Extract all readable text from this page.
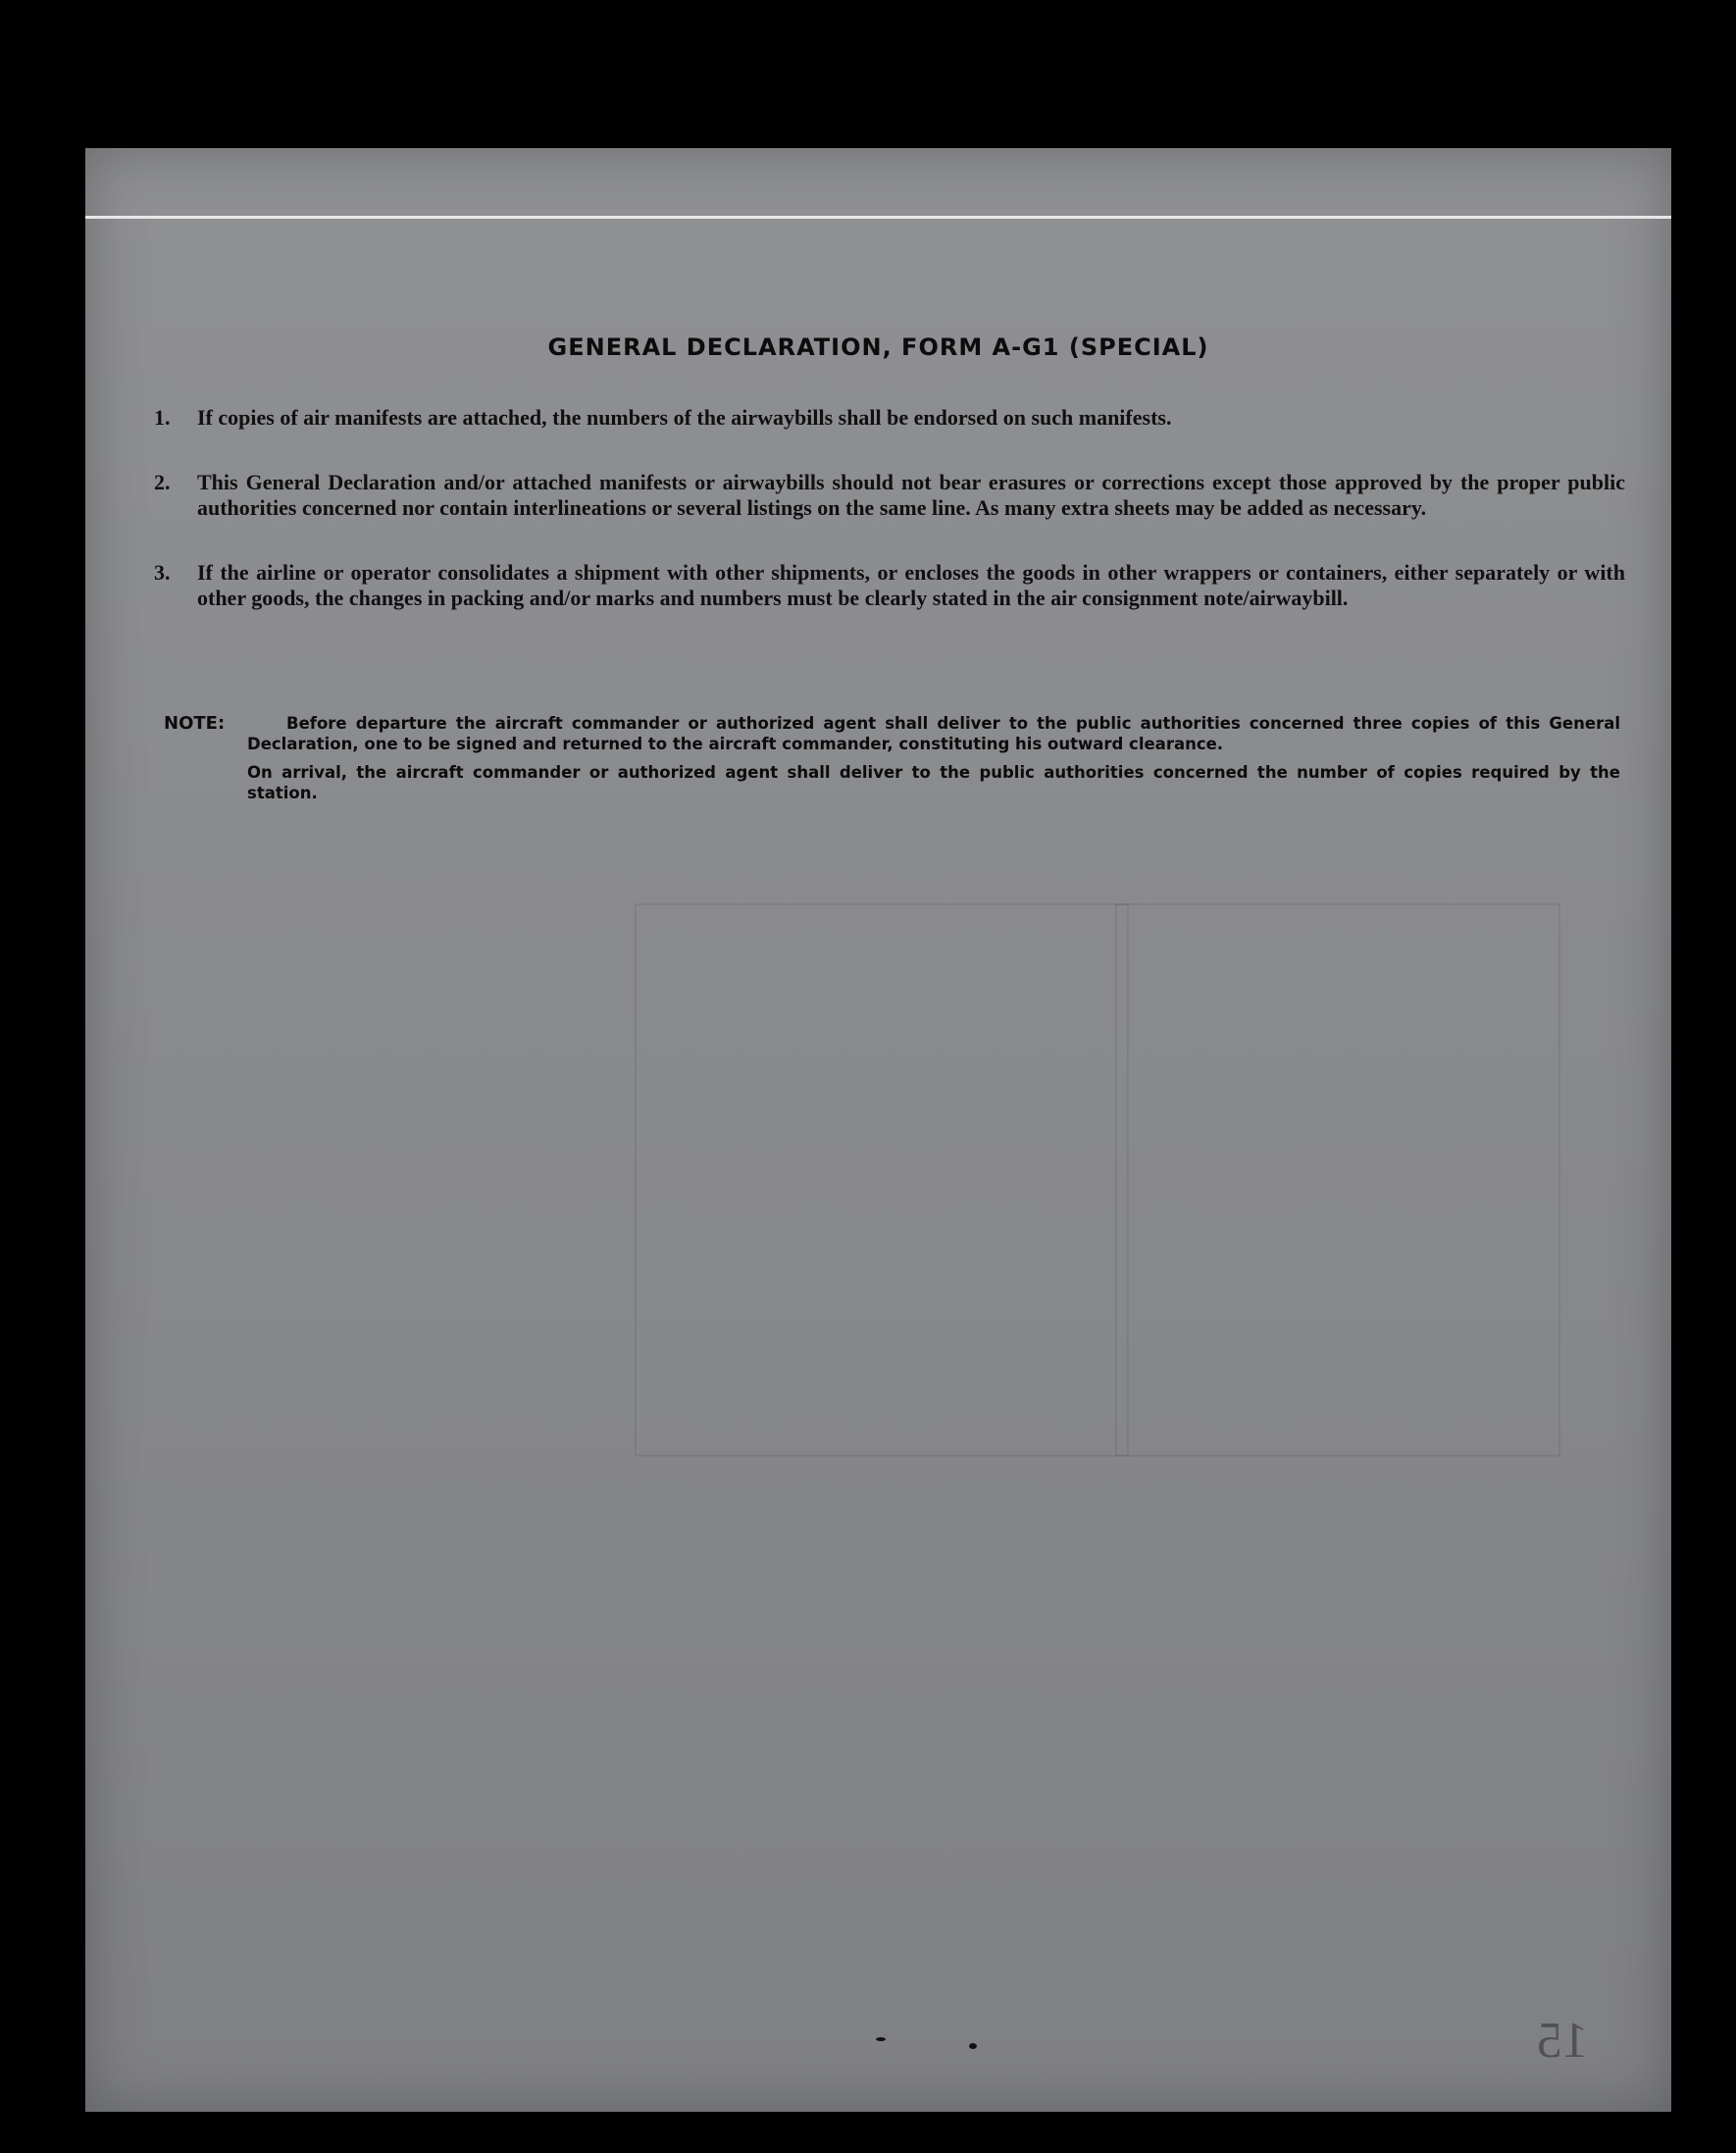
GENERAL DECLARATION, FORM A-G1 (SPECIAL)
1.	If copies of air manifests are attached, the numbers of the airwaybills shall be endorsed on such manifests.
2.	This General Declaration and/or attached manifests or airwaybills should not bear erasures or corrections except those approved by the proper public authorities concerned nor contain interlineations or several listings on the same line. As many extra sheets may be added as necessary.
3.	If the airline or operator consolidates a shipment with other shipments, or encloses the goods in other wrappers or containers, either separately or with other goods, the changes in packing and/or marks and numbers must be clearly stated in the air consignment note/airwaybill.
NOTE:	Before departure the aircraft commander or authorized agent shall deliver to the public authorities concerned three copies of this General Declaration, one to be signed and returned to the aircraft commander, constituting his outward clearance.

On arrival, the aircraft commander or authorized agent shall deliver to the public authorities concerned the number of copies required by the station.

15
